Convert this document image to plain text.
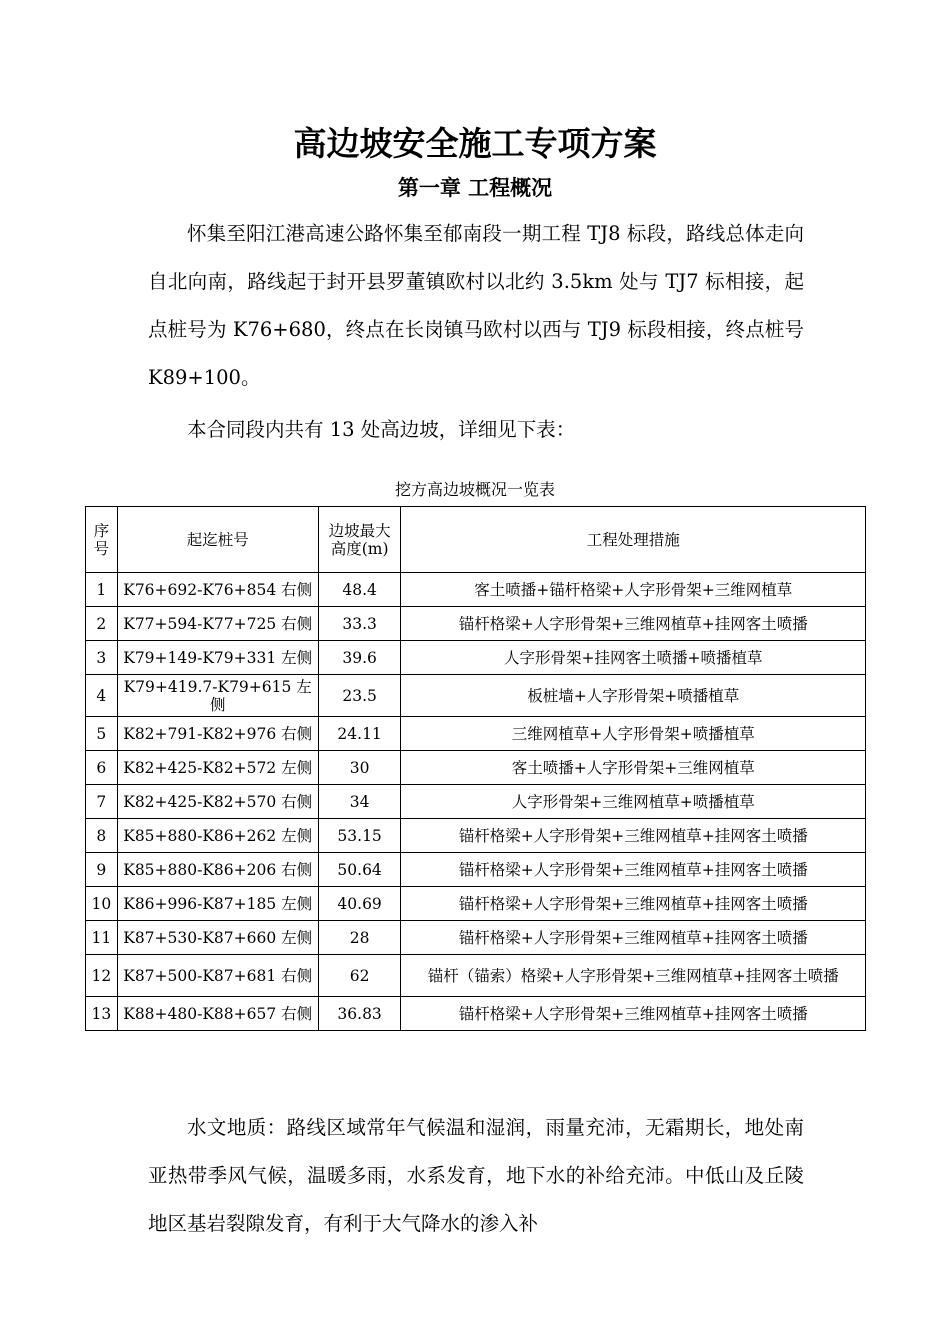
高边坡安全施工专项方案
第一章 工程概况

怀集至阳江港高速公路怀集至郁南段一期工程 TJ8 标段，路线总体走向自北向南，路线起于封开县罗董镇欧村以北约 3.5km 处与 TJ7 标相接，起点桩号为 K76+680，终点在长岗镇马欧村以西与 TJ9 标段相接，终点桩号 K89+100。

本合同段内共有 13 处高边坡，详细见下表：

挖方高边坡概况一览表
序号	起迄桩号	边坡最大高度(m)	工程处理措施
1	K76+692-K76+854 右侧	48.4	客土喷播+锚杆格梁+人字形骨架+三维网植草
2	K77+594-K77+725 右侧	33.3	锚杆格梁+人字形骨架+三维网植草+挂网客土喷播
3	K79+149-K79+331 左侧	39.6	人字形骨架+挂网客土喷播+喷播植草
4	K79+419.7-K79+615 左侧	23.5	板桩墙+人字形骨架+喷播植草
5	K82+791-K82+976 右侧	24.11	三维网植草+人字形骨架+喷播植草
6	K82+425-K82+572 左侧	30	客土喷播+人字形骨架+三维网植草
7	K82+425-K82+570 右侧	34	人字形骨架+三维网植草+喷播植草
8	K85+880-K86+262 左侧	53.15	锚杆格梁+人字形骨架+三维网植草+挂网客土喷播
9	K85+880-K86+206 右侧	50.64	锚杆格梁+人字形骨架+三维网植草+挂网客土喷播
10	K86+996-K87+185 左侧	40.69	锚杆格梁+人字形骨架+三维网植草+挂网客土喷播
11	K87+530-K87+660 左侧	28	锚杆格梁+人字形骨架+三维网植草+挂网客土喷播
12	K87+500-K87+681 右侧	62	锚杆（锚索）格梁+人字形骨架+三维网植草+挂网客土喷播
13	K88+480-K88+657 右侧	36.83	锚杆格梁+人字形骨架+三维网植草+挂网客土喷播

水文地质：路线区域常年气候温和湿润，雨量充沛，无霜期长，地处南亚热带季风气候，温暖多雨，水系发育，地下水的补给充沛。中低山及丘陵地区基岩裂隙发育，有利于大气降水的渗入补
